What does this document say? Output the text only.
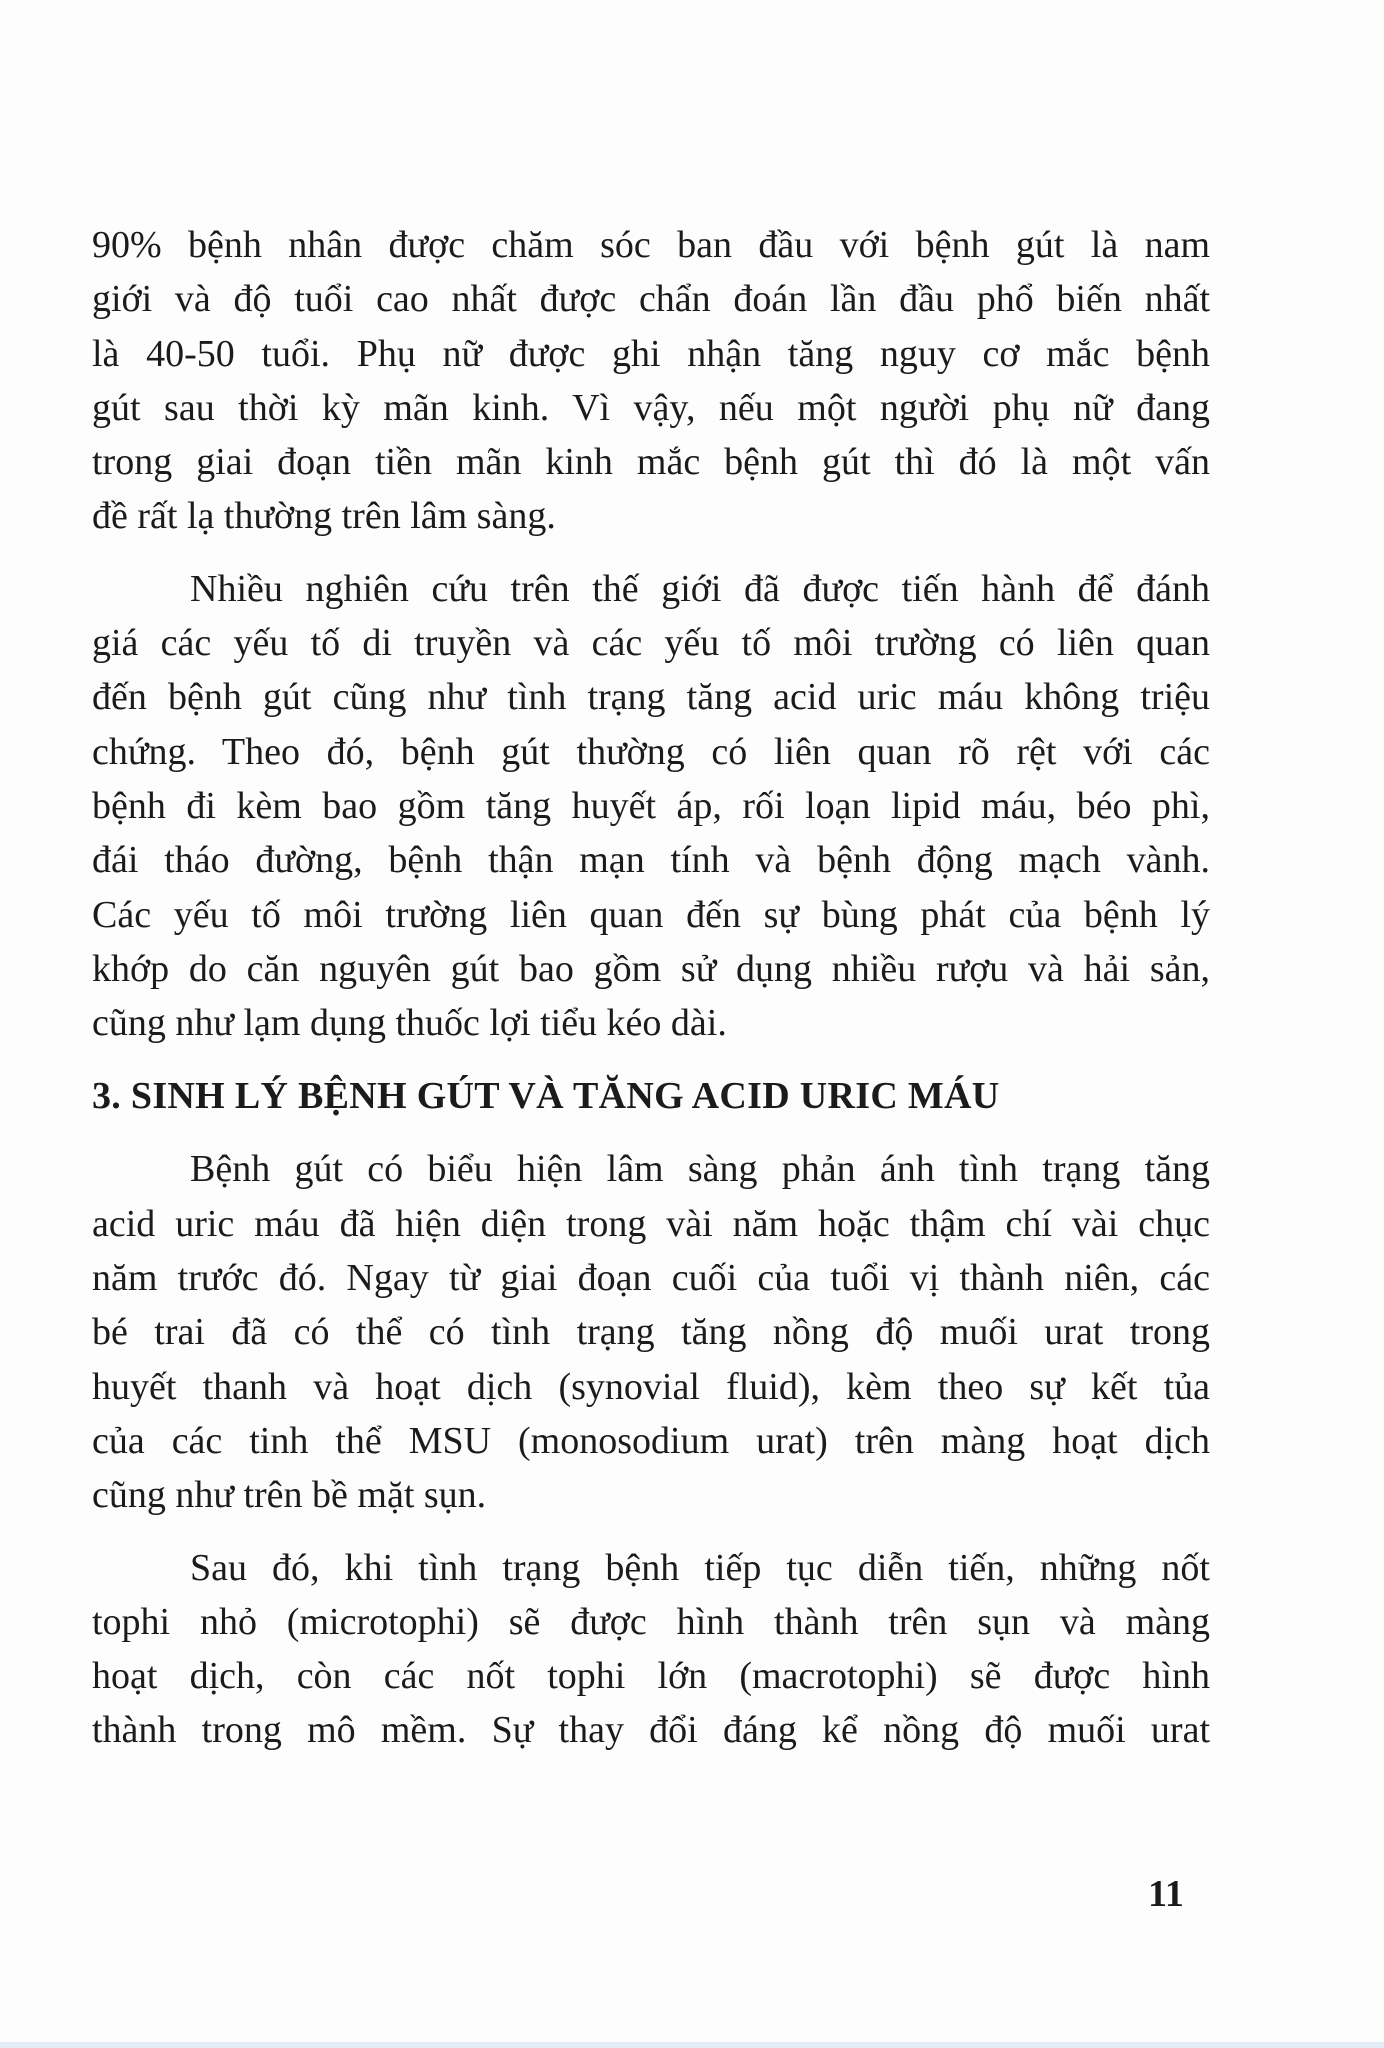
90% bệnh nhân được chăm sóc ban đầu với bệnh gút là nam
giới và độ tuổi cao nhất được chẩn đoán lần đầu phổ biến nhất
là 40-50 tuổi. Phụ nữ được ghi nhận tăng nguy cơ mắc bệnh
gút sau thời kỳ mãn kinh. Vì vậy, nếu một người phụ nữ đang
trong giai đoạn tiền mãn kinh mắc bệnh gút thì đó là một vấn
đề rất lạ thường trên lâm sàng.
Nhiều nghiên cứu trên thế giới đã được tiến hành để đánh
giá các yếu tố di truyền và các yếu tố môi trường có liên quan
đến bệnh gút cũng như tình trạng tăng acid uric máu không triệu
chứng. Theo đó, bệnh gút thường có liên quan rõ rệt với các
bệnh đi kèm bao gồm tăng huyết áp, rối loạn lipid máu, béo phì,
đái tháo đường, bệnh thận mạn tính và bệnh động mạch vành.
Các yếu tố môi trường liên quan đến sự bùng phát của bệnh lý
khớp do căn nguyên gút bao gồm sử dụng nhiều rượu và hải sản,
cũng như lạm dụng thuốc lợi tiểu kéo dài.
3. SINH LÝ BỆNH GÚT VÀ TĂNG ACID URIC MÁU
Bệnh gút có biểu hiện lâm sàng phản ánh tình trạng tăng
acid uric máu đã hiện diện trong vài năm hoặc thậm chí vài chục
năm trước đó. Ngay từ giai đoạn cuối của tuổi vị thành niên, các
bé trai đã có thể có tình trạng tăng nồng độ muối urat trong
huyết thanh và hoạt dịch (synovial fluid), kèm theo sự kết tủa
của các tinh thể MSU (monosodium urat) trên màng hoạt dịch
cũng như trên bề mặt sụn.
Sau đó, khi tình trạng bệnh tiếp tục diễn tiến, những nốt
tophi nhỏ (microtophi) sẽ được hình thành trên sụn và màng
hoạt dịch, còn các nốt tophi lớn (macrotophi) sẽ được hình
thành trong mô mềm. Sự thay đổi đáng kể nồng độ muối urat
11
